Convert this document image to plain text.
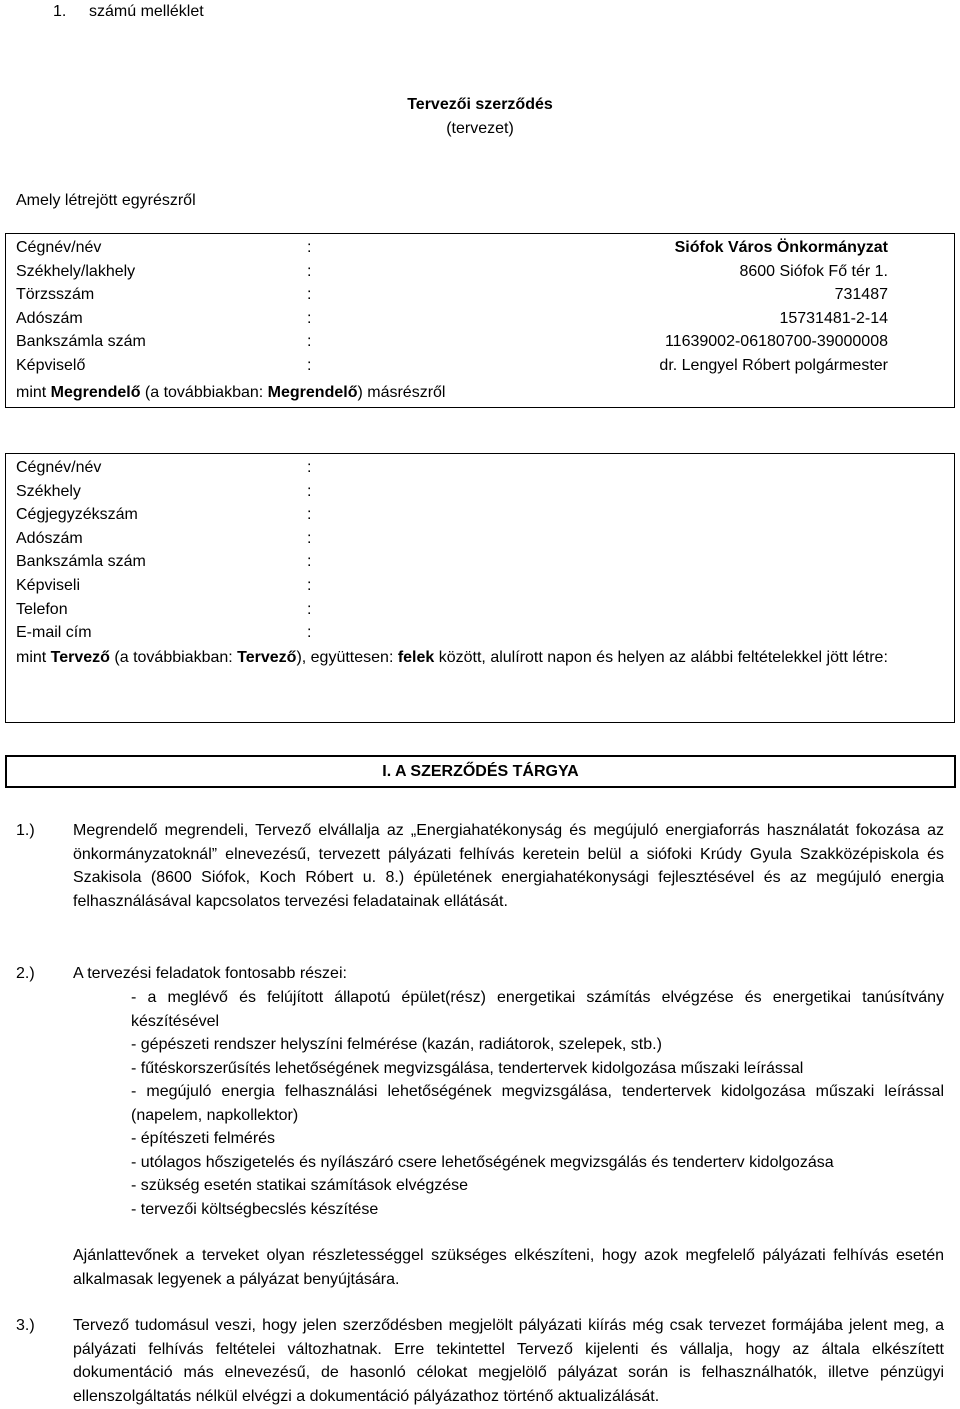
1. számú melléklet
Tervezői szerződés
(tervezet)
Amely létrejött egyrészről
Cégnév/név	:	Siófok Város Önkormányzat
Székhely/lakhely	:	8600 Siófok Fő tér 1.
Törzsszám	:	731487
Adószám	:	15731481-2-14
Bankszámla szám	:	11639002-06180700-39000008
Képviselő	:	dr. Lengyel Róbert polgármester
mint Megrendelő (a továbbiakban: Megrendelő) másrészről
Cégnév/név	:
Székhely	:
Cégjegyzékszám	:
Adószám	:
Bankszámla szám	:
Képviseli	:
Telefon	:
E-mail cím	:
mint Tervező (a továbbiakban: Tervező), együttesen: felek között, alulírott napon és helyen az alábbi feltételekkel jött létre:
I. A SZERZŐDÉS TÁRGYA
1.) Megrendelő megrendeli, Tervező elvállalja az „Energiahatékonyság és megújuló energiaforrás használatát fokozása az önkormányzatoknál” elnevezésű, tervezett pályázati felhívás keretein belül a siófoki Krúdy Gyula Szakközépiskola és Szakisola (8600 Siófok, Koch Róbert u. 8.) épületének energiahatékonysági fejlesztésével és az megújuló energia felhasználásával kapcsolatos tervezési feladatainak ellátását.
2.) A tervezési feladatok fontosabb részei:
- a meglévő és felújított állapotú épület(rész) energetikai számítás elvégzése és energetikai tanúsítvány készítésével
- gépészeti rendszer helyszíni felmérése (kazán, radiátorok, szelepek, stb.)
- fűtéskorszerűsítés lehetőségének megvizsgálása, tendertervek kidolgozása műszaki leírással
- megújuló energia felhasználási lehetőségének megvizsgálása, tendertervek kidolgozása műszaki leírással (napelem, napkollektor)
- építészeti felmérés
- utólagos hőszigetelés és nyílászáró csere lehetőségének megvizsgálás és tenderterv kidolgozása
- szükség esetén statikai számítások elvégzése
- tervezői költségbecslés készítése
Ajánlattevőnek a terveket olyan részletességgel szükséges elkészíteni, hogy azok megfelelő pályázati felhívás esetén alkalmasak legyenek a pályázat benyújtására.
3.) Tervező tudomásul veszi, hogy jelen szerződésben megjelölt pályázati kiírás még csak tervezet formájába jelent meg, a pályázati felhívás feltételei változhatnak. Erre tekintettel Tervező kijelenti és vállalja, hogy az általa elkészített dokumentáció más elnevezésű, de hasonló célokat megjelölő pályázat során is felhasználhatók, illetve pénzügyi ellenszolgáltatás nélkül elvégzi a dokumentáció pályázathoz történő aktualizálását.
